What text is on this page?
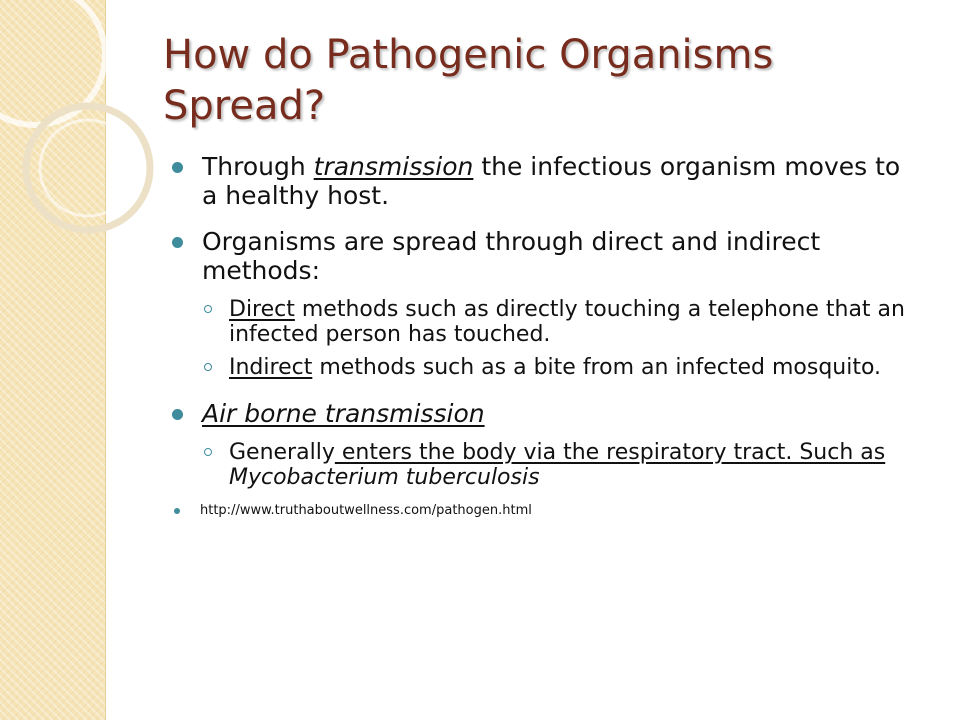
How do Pathogenic Organisms Spread?
Through transmission the infectious organism moves to a healthy host.
Organisms are spread through direct and indirect methods:
Direct methods such as directly touching a telephone that an infected person has touched.
Indirect methods such as a bite from an infected mosquito.
Air borne transmission
Generally enters the body via the respiratory tract. Such as Mycobacterium tuberculosis
http://www.truthaboutwellness.com/pathogen.html
